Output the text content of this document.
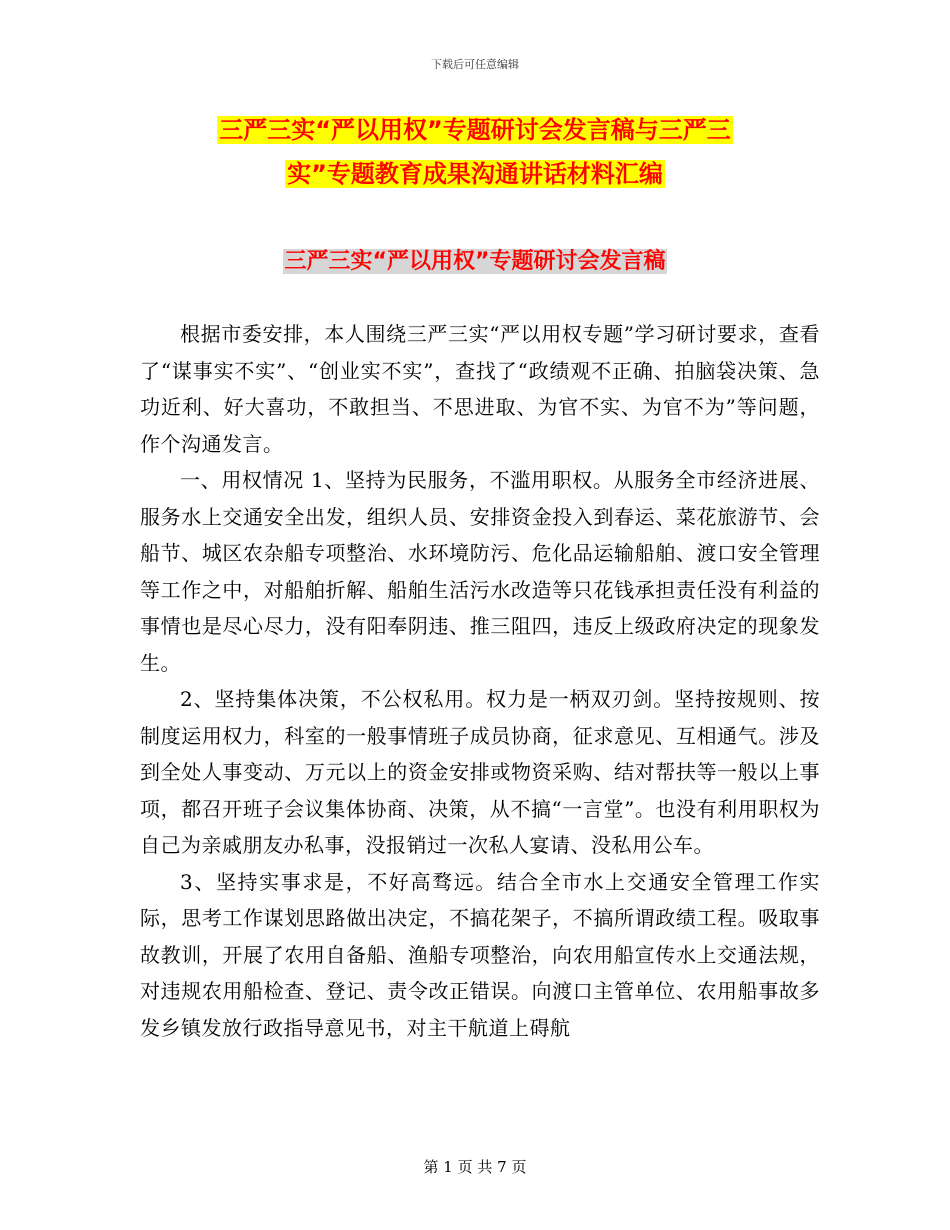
下载后可任意编辑
三严三实“严以用权”专题研讨会发言稿与三严三
实”专题教育成果沟通讲话材料汇编
三严三实“严以用权”专题研讨会发言稿

根据市委安排，本人围绕三严三实“严以用权专题”学习研讨要求，查看了“谋事实不实”、“创业实不实”，查找了“政绩观不正确、拍脑袋决策、急功近利、好大喜功，不敢担当、不思进取、为官不实、为官不为”等问题，作个沟通发言。

一、用权情况 1、坚持为民服务，不滥用职权。从服务全市经济进展、服务水上交通安全出发，组织人员、安排资金投入到春运、菜花旅游节、会船节、城区农杂船专项整治、水环境防污、危化品运输船舶、渡口安全管理等工作之中，对船舶折解、船舶生活污水改造等只花钱承担责任没有利益的事情也是尽心尽力，没有阳奉阴违、推三阻四，违反上级政府决定的现象发生。

2、坚持集体决策，不公权私用。权力是一柄双刃剑。坚持按规则、按制度运用权力，科室的一般事情班子成员协商，征求意见、互相通气。涉及到全处人事变动、万元以上的资金安排或物资采购、结对帮扶等一般以上事项，都召开班子会议集体协商、决策，从不搞“一言堂”。也没有利用职权为自己为亲戚朋友办私事，没报销过一次私人宴请、没私用公车。

3、坚持实事求是，不好高骛远。结合全市水上交通安全管理工作实际，思考工作谋划思路做出决定，不搞花架子，不搞所谓政绩工程。吸取事故教训，开展了农用自备船、渔船专项整治，向农用船宣传水上交通法规，对违规农用船检查、登记、责令改正错误。向渡口主管单位、农用船事故多发乡镇发放行政指导意见书，对主干航道上碍航

第 1 页 共 7 页
